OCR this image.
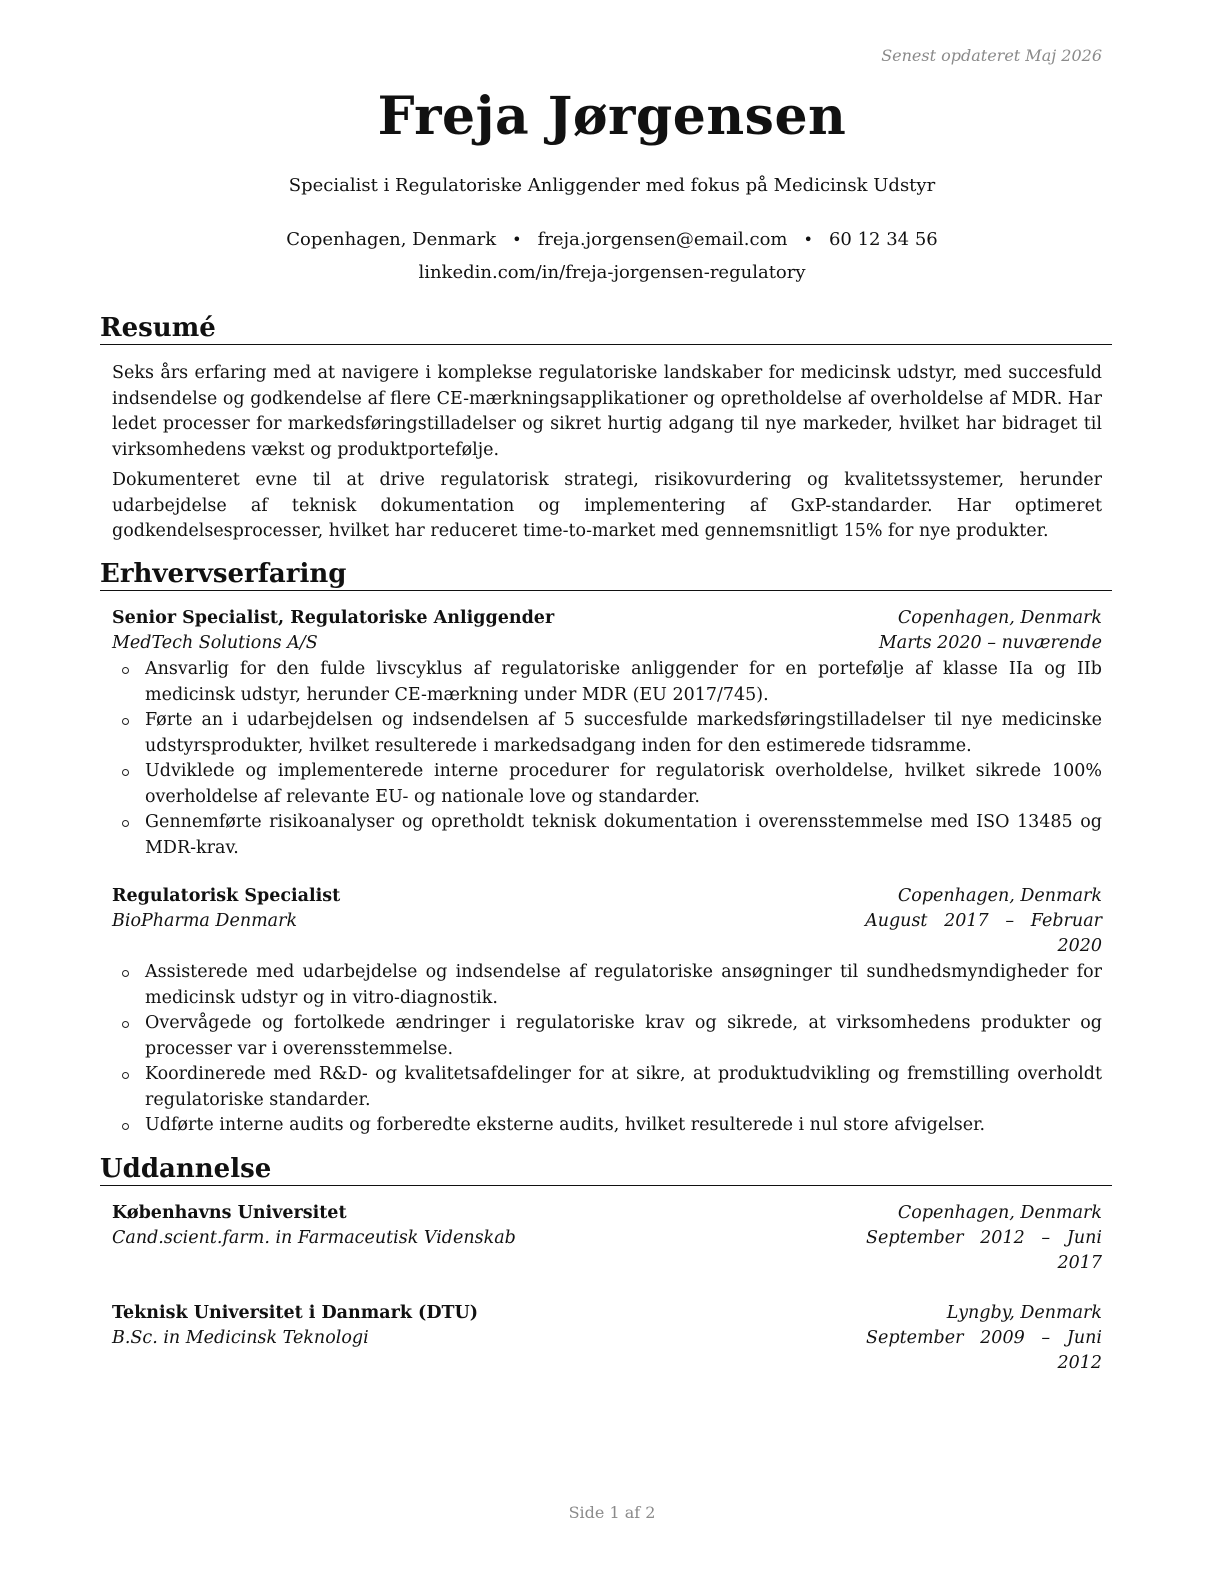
Senest opdateret Maj 2026
Freja Jørgensen
Specialist i Regulatoriske Anliggender med fokus på Medicinsk Udstyr
Copenhagen, Denmark • freja.jorgensen@email.com • 60 12 34 56
linkedin.com/in/freja-jorgensen-regulatory
Resumé
Seks års erfaring med at navigere i komplekse regulatoriske landskaber for medicinsk udstyr, med succesfuld indsendelse og godkendelse af flere CE-mærkningsapplikationer og opretholdelse af overholdelse af MDR. Har ledet processer for markedsføringstilladelser og sikret hurtig adgang til nye markeder, hvilket har bidraget til virksomhedens vækst og produktportefølje.
Dokumenteret evne til at drive regulatorisk strategi, risikovurdering og kvalitetssystemer, herunder udarbejdelse af teknisk dokumentation og implementering af GxP-standarder. Har optimeret godkendelsesprocesser, hvilket har reduceret time-to-market med gennemsnitligt 15% for nye produkter.
Erhvervserfaring
Senior Specialist, Regulatoriske Anliggender	Copenhagen, Denmark
MedTech Solutions A/S	Marts 2020 – nuværende
Ansvarlig for den fulde livscyklus af regulatoriske anliggender for en portefølje af klasse IIa og IIb medicinsk udstyr, herunder CE-mærkning under MDR (EU 2017/745).
Førte an i udarbejdelsen og indsendelsen af 5 succesfulde markedsføringstilladelser til nye medicinske udstyrsprodukter, hvilket resulterede i markedsadgang inden for den estimerede tidsramme.
Udviklede og implementerede interne procedurer for regulatorisk overholdelse, hvilket sikrede 100% overholdelse af relevante EU- og nationale love og standarder.
Gennemførte risikoanalyser og opretholdt teknisk dokumentation i overensstemmelse med ISO 13485 og MDR-krav.
Regulatorisk Specialist	Copenhagen, Denmark
BioPharma Denmark	August   2017   –   Februar
2020
Assisterede med udarbejdelse og indsendelse af regulatoriske ansøgninger til sundhedsmyndigheder for medicinsk udstyr og in vitro-diagnostik.
Overvågede og fortolkede ændringer i regulatoriske krav og sikrede, at virksomhedens produkter og processer var i overensstemmelse.
Koordinerede med R&D- og kvalitetsafdelinger for at sikre, at produktudvikling og fremstilling overholdt regulatoriske standarder.
Udførte interne audits og forberedte eksterne audits, hvilket resulterede i nul store afvigelser.
Uddannelse
Københavns Universitet	Copenhagen, Denmark
Cand.scient.farm. in Farmaceutisk Videnskab	September   2012   –   Juni
2017
Teknisk Universitet i Danmark (DTU)	Lyngby, Denmark
B.Sc. in Medicinsk Teknologi	September   2009   –   Juni
2012
Side 1 af 2
